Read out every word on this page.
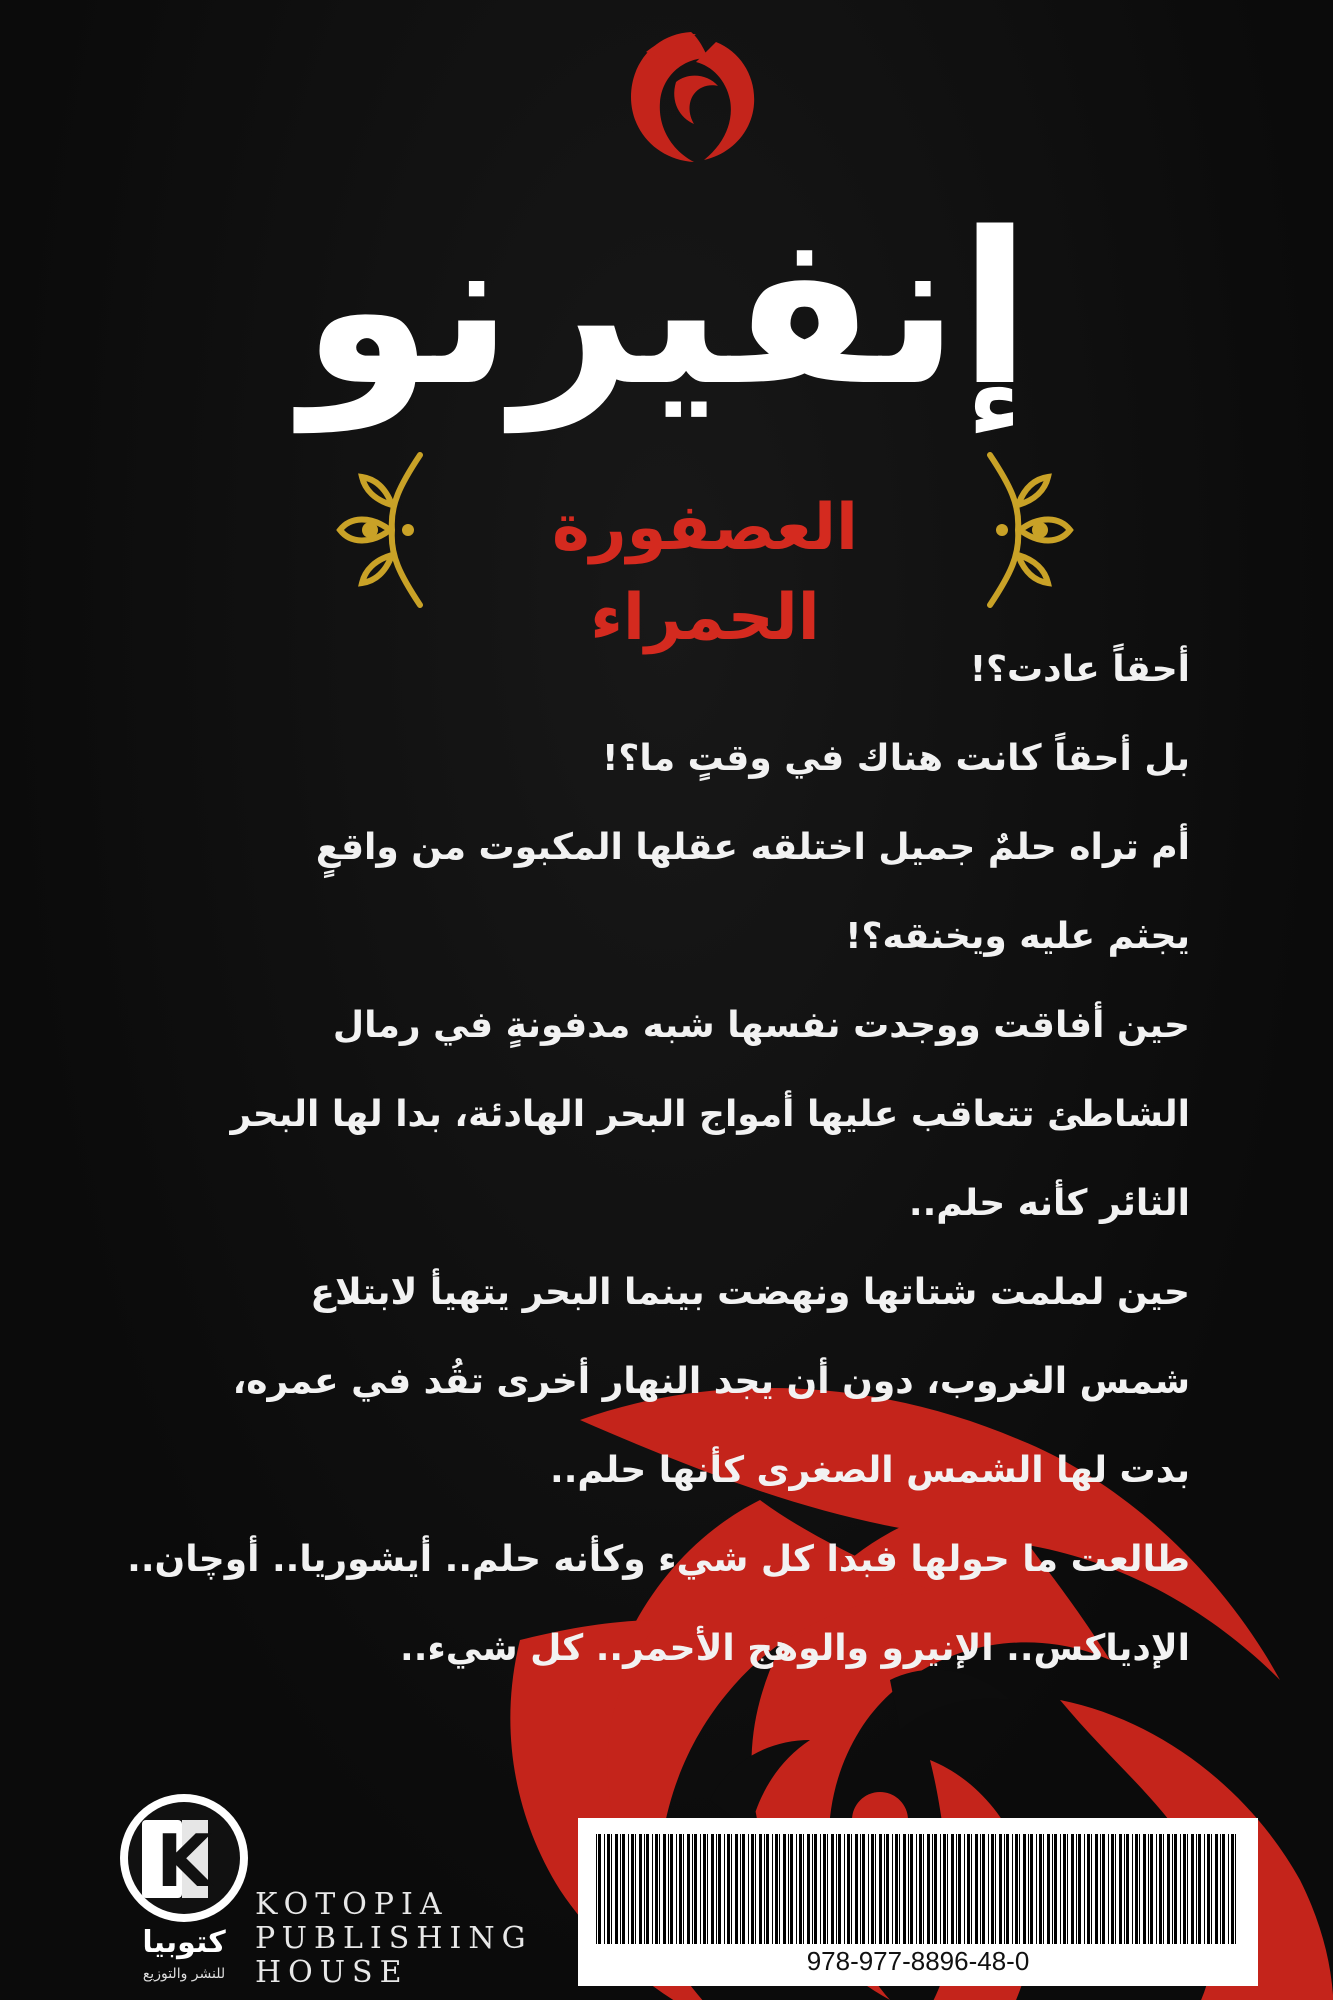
إنفيرنو
العصفورة الحمراء
أحقاً عادت؟!
بل أحقاً كانت هناك في وقتٍ ما؟!
أم تراه حلمٌ جميل اختلقه عقلها المكبوت من واقعٍ
يجثم عليه ويخنقه؟!
حين أفاقت ووجدت نفسها شبه مدفونةٍ في رمال
الشاطئ تتعاقب عليها أمواج البحر الهادئة، بدا لها البحر
الثائر كأنه حلم..
حين لملمت شتاتها ونهضت بينما البحر يتهيأ لابتلاع
شمس الغروب، دون أن يجد النهار أخرى تقُد في عمره،
بدت لها الشمس الصغرى كأنها حلم..
طالعت ما حولها فبدا كل شيء وكأنه حلم.. أيشوريا.. أوچان..
الإدياكس.. الإنيرو والوهج الأحمر.. كل شيء..
K
كتوبيا
للنشر والتوزيع
KOTOPIA
PUBLISHING
HOUSE	978-977-8896-48-0
